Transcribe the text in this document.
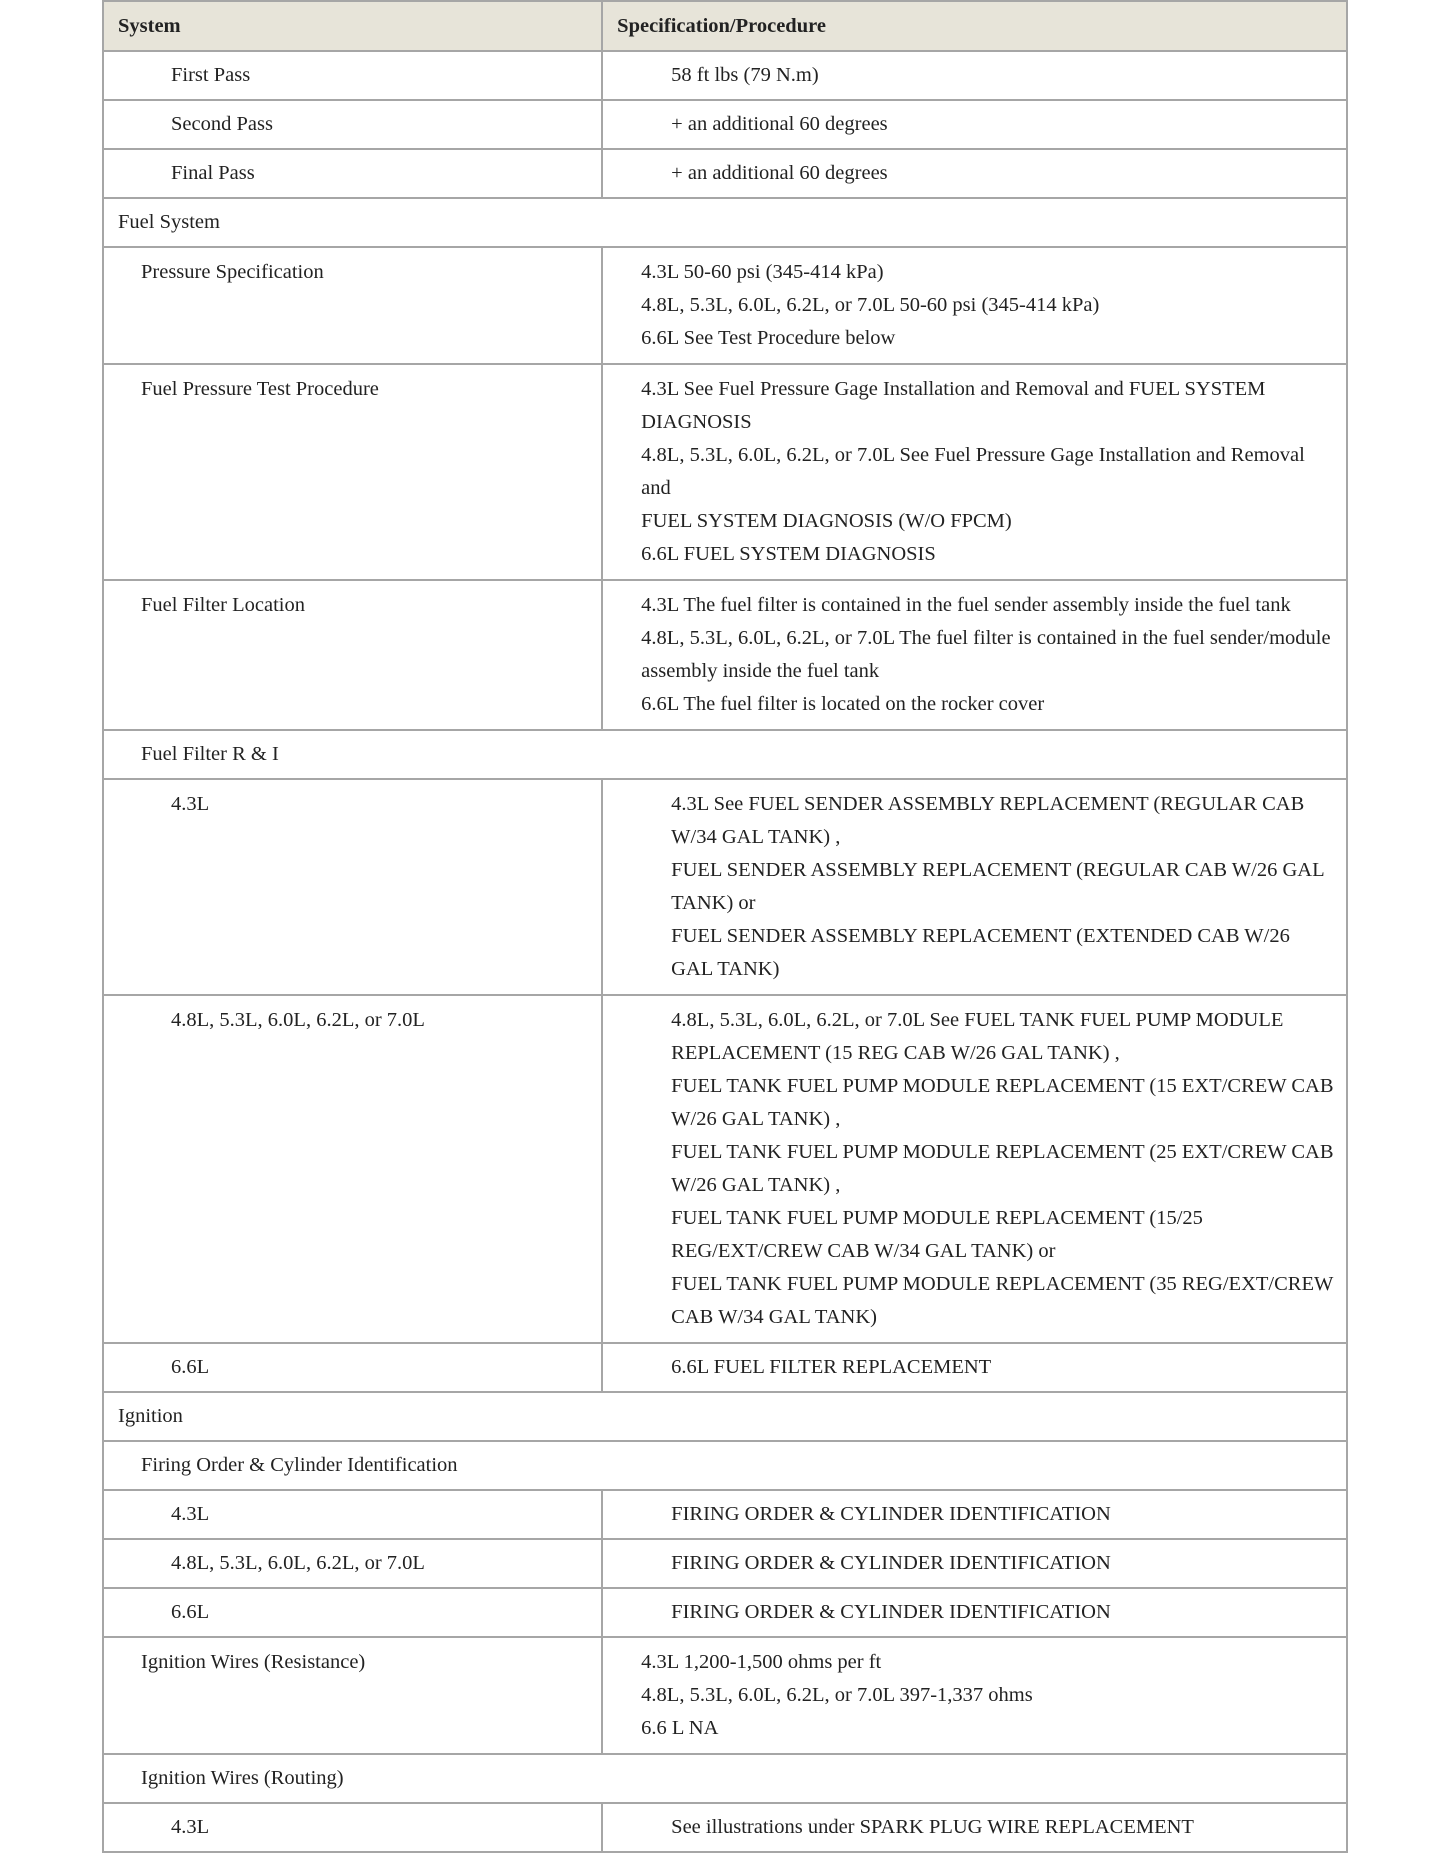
System	Specification/Procedure
First Pass	58 ft lbs (79 N.m)
Second Pass	+ an additional 60 degrees
Final Pass	+ an additional 60 degrees
Fuel System	
Pressure Specification	4.3L 50-60 psi (345-414 kPa)
4.8L, 5.3L, 6.0L, 6.2L, or 7.0L 50-60 psi (345-414 kPa)
6.6L See Test Procedure below

Fuel Pressure Test Procedure	4.3L See Fuel Pressure Gage Installation and Removal and FUEL SYSTEM DIAGNOSIS
4.8L, 5.3L, 6.0L, 6.2L, or 7.0L See Fuel Pressure Gage Installation and Removal and
FUEL SYSTEM DIAGNOSIS (W/O FPCM)
6.6L FUEL SYSTEM DIAGNOSIS

Fuel Filter Location	4.3L The fuel filter is contained in the fuel sender assembly inside the fuel tank
4.8L, 5.3L, 6.0L, 6.2L, or 7.0L The fuel filter is contained in the fuel sender/module assembly inside the fuel tank
6.6L The fuel filter is located on the rocker cover

Fuel Filter R & I	
4.3L	4.3L See FUEL SENDER ASSEMBLY REPLACEMENT (REGULAR CAB W/34 GAL TANK) ,
FUEL SENDER ASSEMBLY REPLACEMENT (REGULAR CAB W/26 GAL TANK) or
FUEL SENDER ASSEMBLY REPLACEMENT (EXTENDED CAB W/26 GAL TANK)

4.8L, 5.3L, 6.0L, 6.2L, or 7.0L	4.8L, 5.3L, 6.0L, 6.2L, or 7.0L See FUEL TANK FUEL PUMP MODULE REPLACEMENT (15 REG CAB W/26 GAL TANK) ,
FUEL TANK FUEL PUMP MODULE REPLACEMENT (15 EXT/CREW CAB W/26 GAL TANK) ,
FUEL TANK FUEL PUMP MODULE REPLACEMENT (25 EXT/CREW CAB W/26 GAL TANK) ,
FUEL TANK FUEL PUMP MODULE REPLACEMENT (15/25 REG/EXT/CREW CAB W/34 GAL TANK) or
FUEL TANK FUEL PUMP MODULE REPLACEMENT (35 REG/EXT/CREW CAB W/34 GAL TANK)

6.6L	6.6L FUEL FILTER REPLACEMENT
Ignition	
Firing Order & Cylinder Identification	
4.3L	FIRING ORDER & CYLINDER IDENTIFICATION
4.8L, 5.3L, 6.0L, 6.2L, or 7.0L	FIRING ORDER & CYLINDER IDENTIFICATION
6.6L	FIRING ORDER & CYLINDER IDENTIFICATION
Ignition Wires (Resistance)	4.3L 1,200-1,500 ohms per ft
4.8L, 5.3L, 6.0L, 6.2L, or 7.0L 397-1,337 ohms
6.6 L NA

Ignition Wires (Routing)	
4.3L	See illustrations under SPARK PLUG WIRE REPLACEMENT
